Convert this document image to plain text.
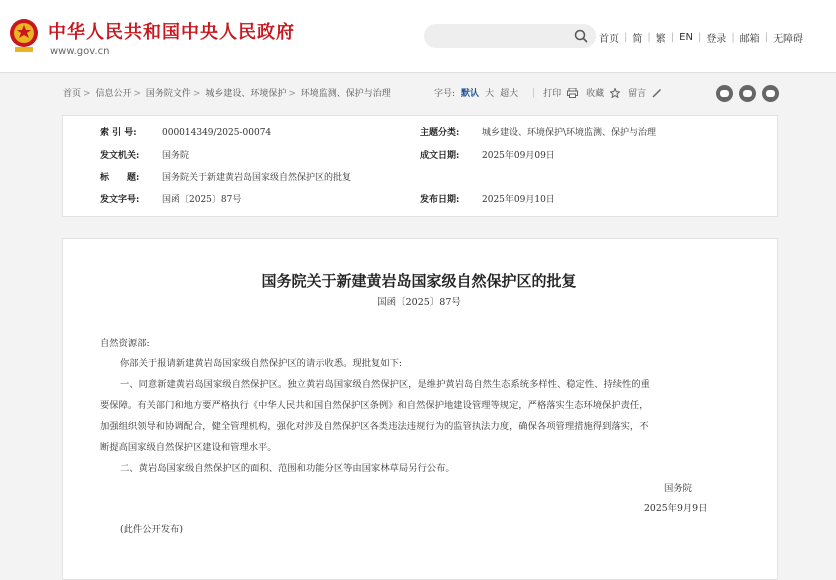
中华人民共和国中央人民政府
www.gov.cn
首页 | 简 | 繁 | EN | 登录 | 邮箱 | 无障碍
首页 > 信息公开 > 国务院文件 > 城乡建设、环境保护 > 环境监测、保护与治理	字号: 默认 大 超大 | 打印	收藏	留言
索 引 号:	000014349/2025-00074	主题分类:	城乡建设、环境保护\环境监测、保护与治理
发文机关:	国务院	成文日期:	2025年09月09日
标　　题:	国务院关于新建黄岩岛国家级自然保护区的批复
发文字号:	国函〔2025〕87号	发布日期:	2025年09月10日
国务院关于新建黄岩岛国家级自然保护区的批复
国函〔2025〕87号
自然资源部:
你部关于报请新建黄岩岛国家级自然保护区的请示收悉。现批复如下:
一、同意新建黄岩岛国家级自然保护区。独立黄岩岛国家级自然保护区，是维护黄岩岛自然生态系统多样性、稳定性、持续性的重
要保障。有关部门和地方要严格执行《中华人民共和国自然保护区条例》和自然保护地建设管理等规定，严格落实生态环境保护责任，
加强组织领导和协调配合，健全管理机构，强化对涉及自然保护区各类违法违规行为的监管执法力度，确保各项管理措施得到落实，不
断提高国家级自然保护区建设和管理水平。
二、黄岩岛国家级自然保护区的面积、范围和功能分区等由国家林草局另行公布。
国务院
2025年9月9日
(此件公开发布)
